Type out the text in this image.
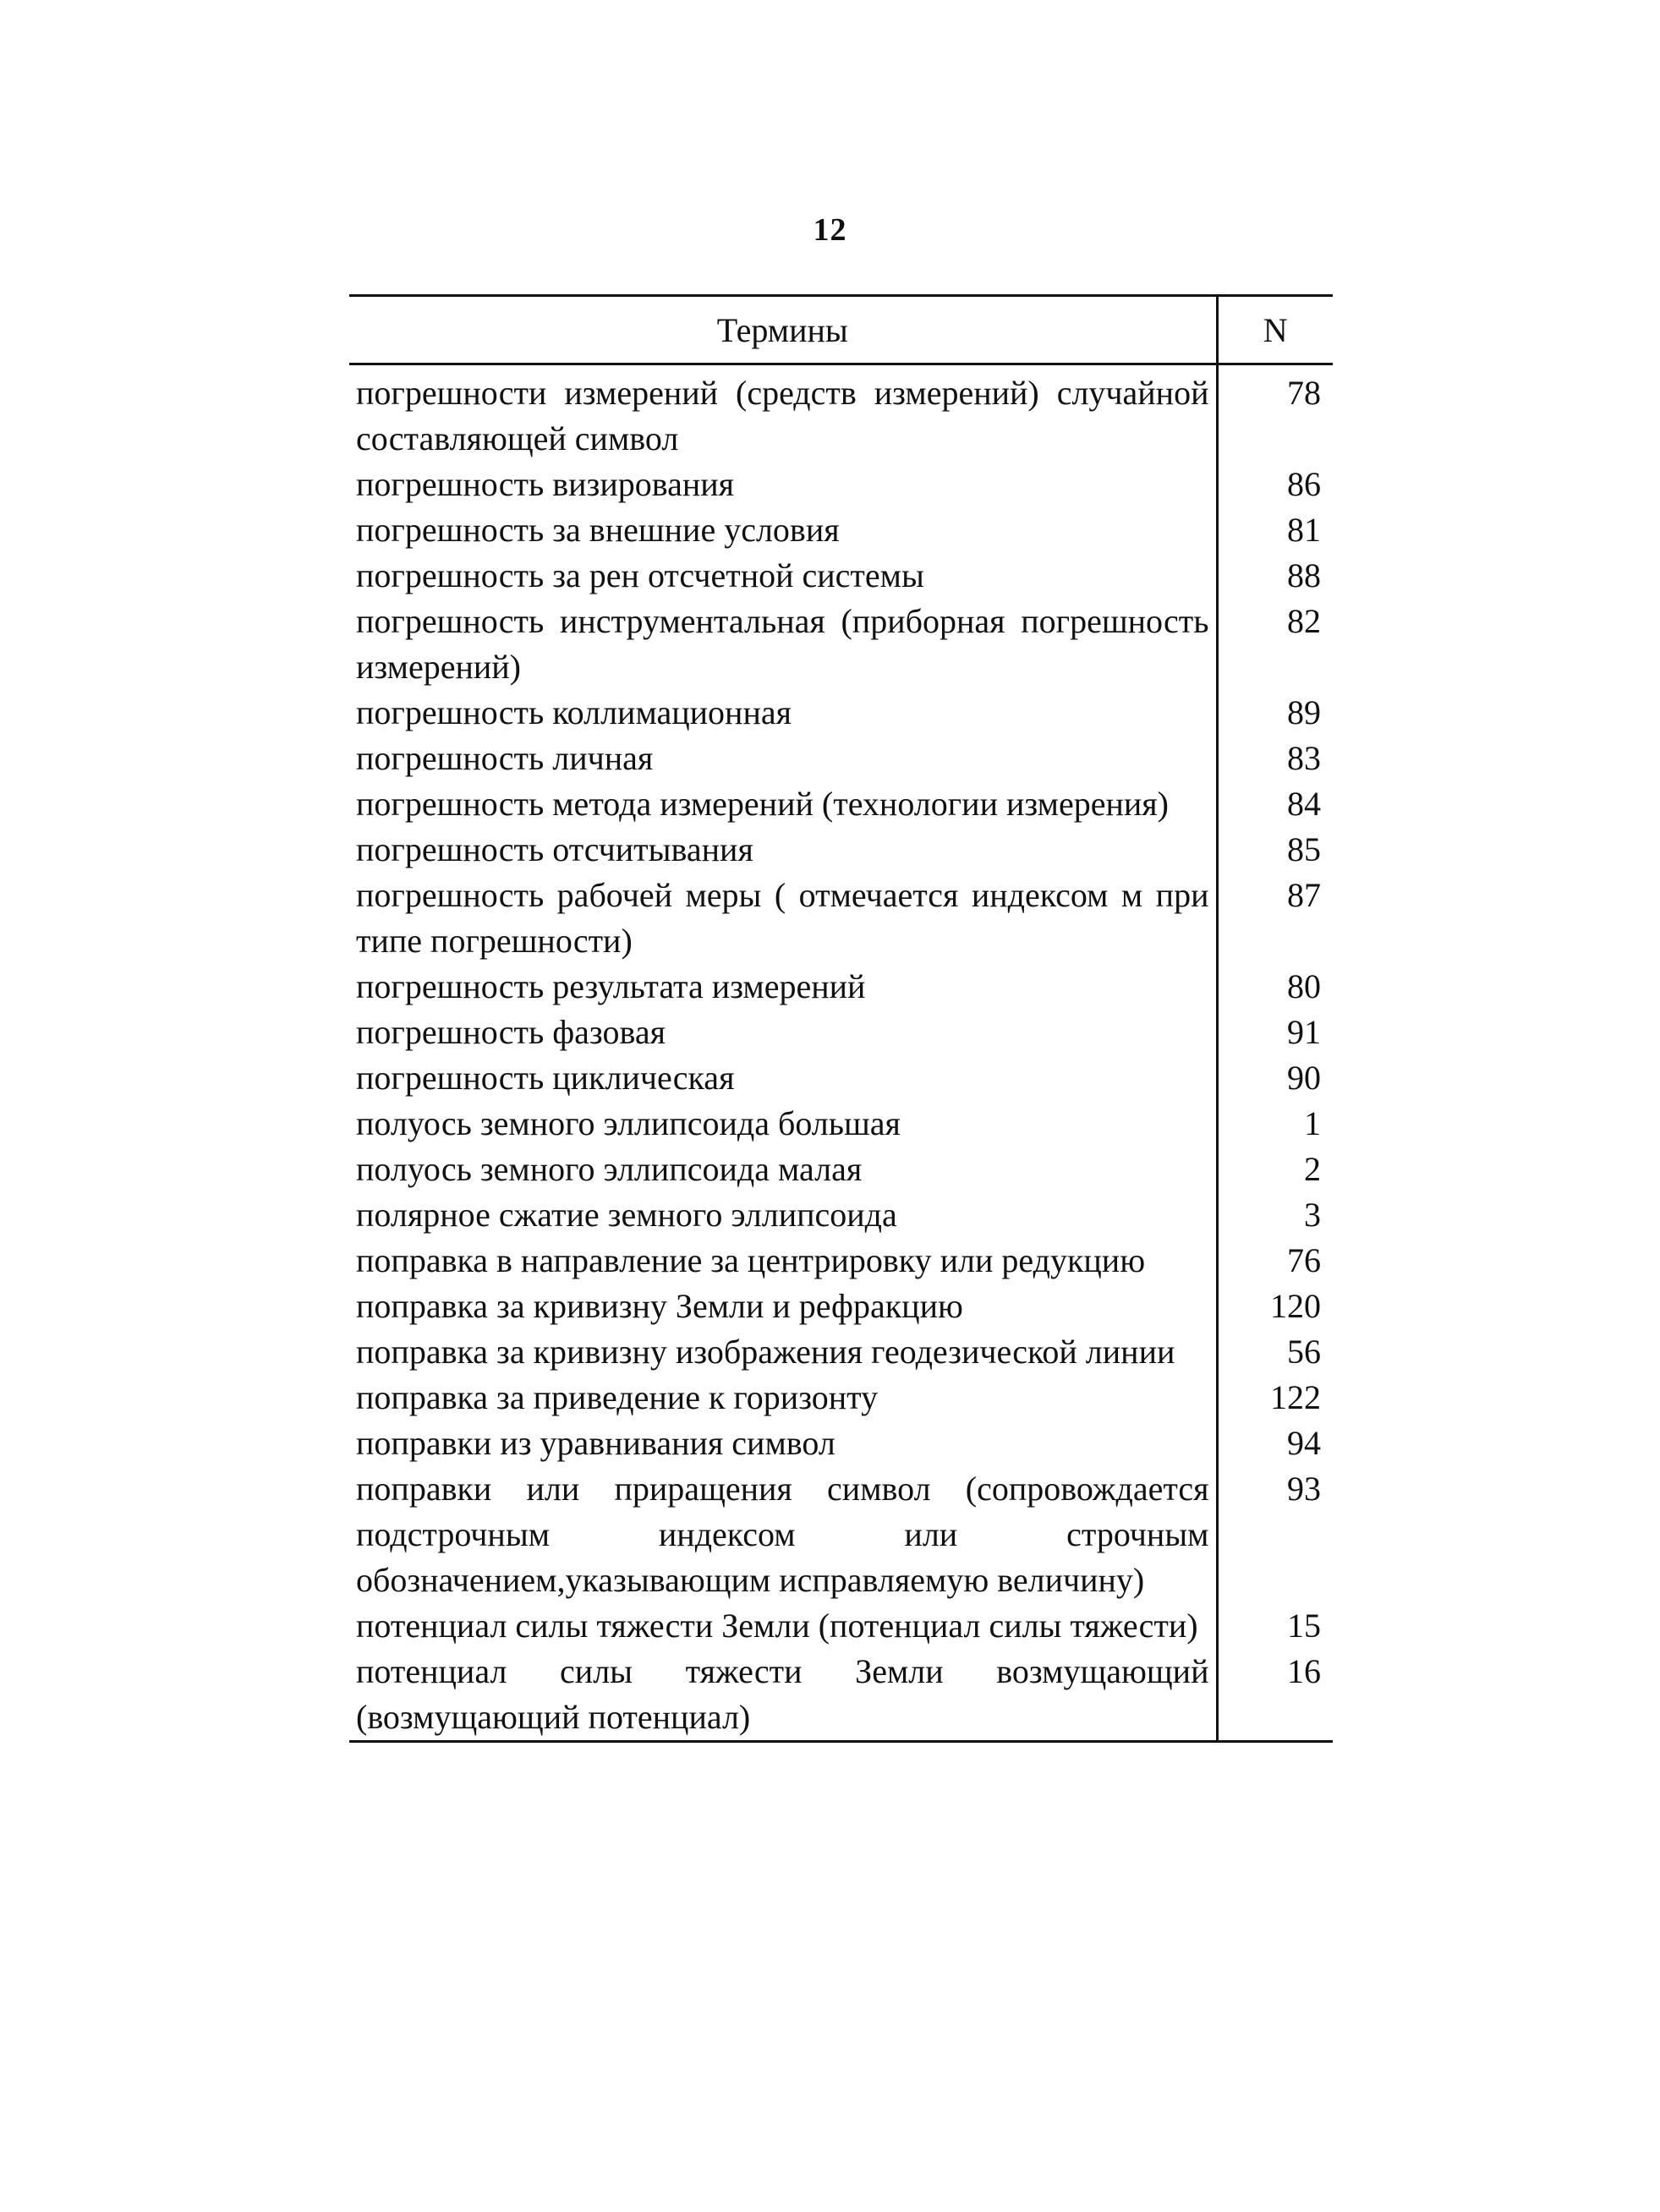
12
Термины	N
погрешности измерений (средств измерений) случайной составляющей символ	78
погрешность визирования	86
погрешность за внешние условия	81
погрешность за рен отсчетной системы	88
погрешность инструментальная (приборная погрешность измерений)	82
погрешность коллимационная	89
погрешность личная	83
погрешность метода измерений (технологии измерения)	84
погрешность отсчитывания	85
погрешность рабочей меры ( отмечается индексом м при типе погрешности)	87
погрешность результата измерений	80
погрешность фазовая	91
погрешность циклическая	90
полуось земного эллипсоида большая	1
полуось земного эллипсоида малая	2
полярное сжатие земного эллипсоида	3
поправка в направление за центрировку или редукцию	76
поправка за кривизну Земли и рефракцию	120
поправка за кривизну изображения геодезической линии	56
поправка за приведение к горизонту	122
поправки из уравнивания символ	94
поправки или приращения символ (сопровождается подстрочным индексом или строчным обозначением,указывающим исправляемую величину)	93
потенциал силы тяжести Земли (потенциал силы тяжести)	15
потенциал силы тяжести Земли возмущающий (возмущающий потенциал)	16
